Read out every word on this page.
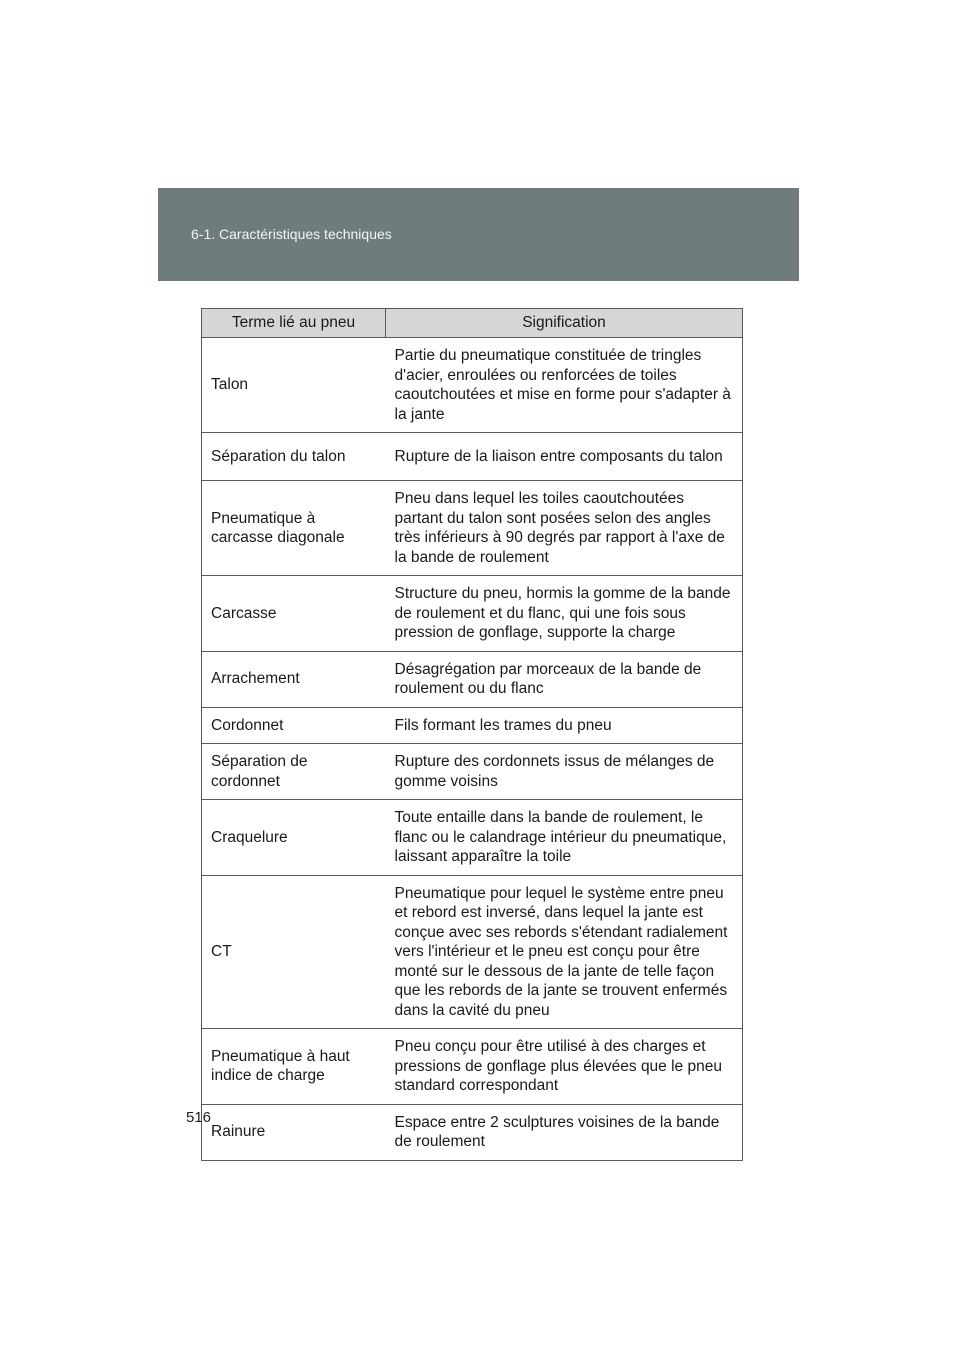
6-1. Caractéristiques techniques
Terme lié au pneu	Signification
Talon	Partie du pneumatique constituée de tringles d'acier, enroulées ou renforcées de toiles caoutchoutées et mise en forme pour s'adapter à la jante
Séparation du talon	Rupture de la liaison entre composants du talon
Pneumatique à carcasse diagonale	Pneu dans lequel les toiles caoutchoutées partant du talon sont posées selon des angles très inférieurs à 90 degrés par rapport à l'axe de la bande de roulement
Carcasse	Structure du pneu, hormis la gomme de la bande de roulement et du flanc, qui une fois sous pression de gonflage, supporte la charge
Arrachement	Désagrégation par morceaux de la bande de roulement ou du flanc
Cordonnet	Fils formant les trames du pneu
Séparation de cordonnet	Rupture des cordonnets issus de mélanges de gomme voisins
Craquelure	Toute entaille dans la bande de roulement, le flanc ou le calandrage intérieur du pneumatique, laissant apparaître la toile
CT	Pneumatique pour lequel le système entre pneu et rebord est inversé, dans lequel la jante est conçue avec ses rebords s'étendant radialement vers l'intérieur et le pneu est conçu pour être monté sur le dessous de la jante de telle façon que les rebords de la jante se trouvent enfermés dans la cavité du pneu
Pneumatique à haut indice de charge	Pneu conçu pour être utilisé à des charges et pressions de gonflage plus élevées que le pneu standard correspondant
Rainure	Espace entre 2 sculptures voisines de la bande de roulement
516
